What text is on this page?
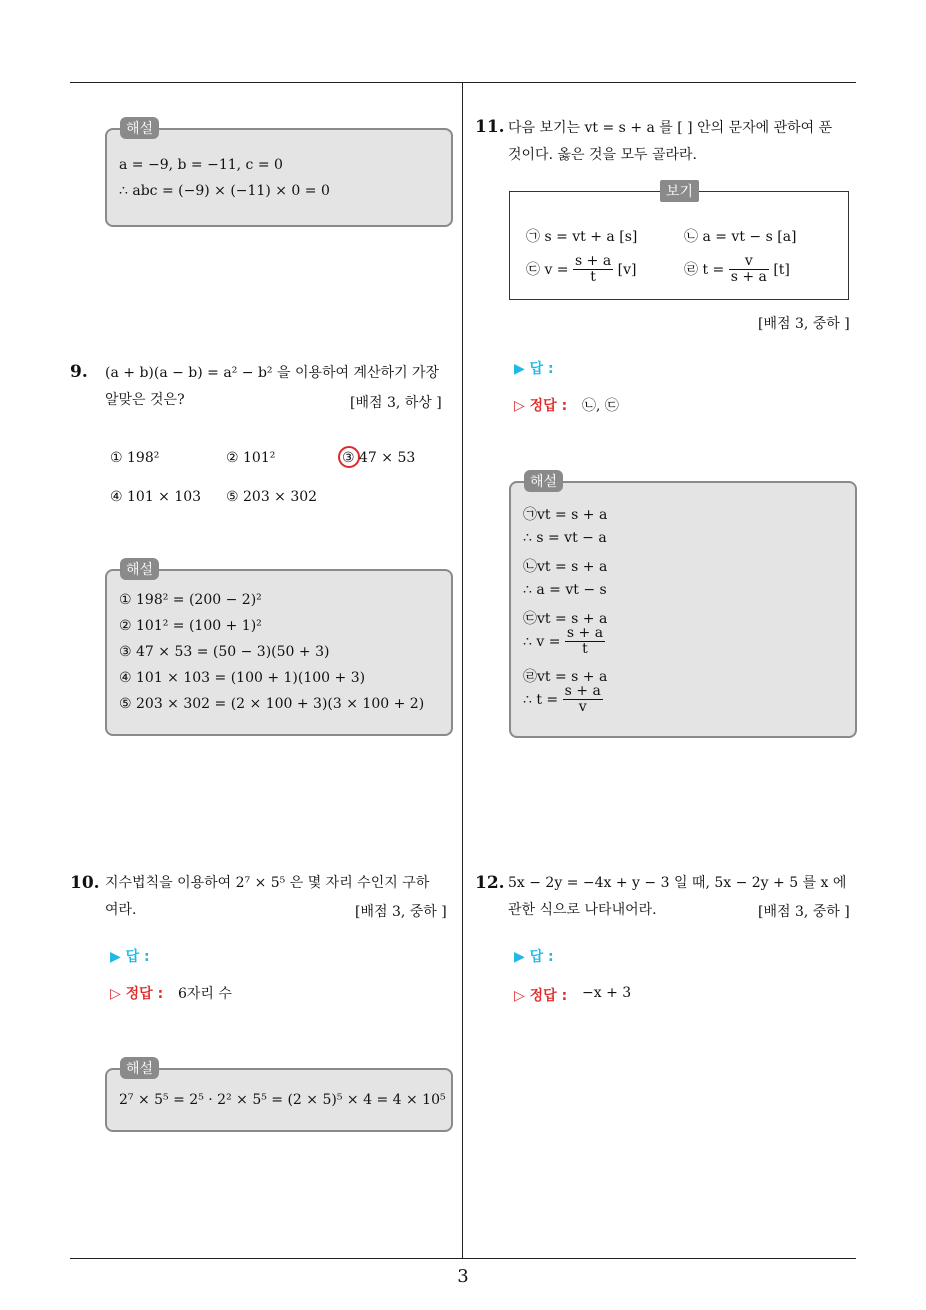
a = −9, b = −11, c = 0
∴ abc = (−9) × (−11) × 0 = 0
해설
9. (a + b)(a − b) = a² − b² 을 이용하여 계산하기 가장
알맞은 것은?	[배점 3, 하상 ]
① 198²	② 101²	③ 47 × 53
④ 101 × 103 ⑤ 203 × 302
① 198² = (200 − 2)²
② 101² = (100 + 1)²
③ 47 × 53 = (50 − 3)(50 + 3)
④ 101 × 103 = (100 + 1)(100 + 3)
⑤ 203 × 302 = (2 × 100 + 3)(3 × 100 + 2)
해설
10. 지수법칙을 이용하여 2⁷ × 5⁵ 은 몇 자리 수인지 구하
여라.	[배점 3, 중하 ]
▶ 답 :
▷ 정답 : 6자리 수
2⁷ × 5⁵ = 2⁵ · 2² × 5⁵ = (2 × 5)⁵ × 4 = 4 × 10⁵
해설
11. 다음 보기는 vt = s + a 를 [ ] 안의 문자에 관하여 푼
것이다. 옳은 것을 모두 골라라.
㉠ s = vt + a [s]	㉡ a = vt − s [a]
㉢ $v = \frac{s + a}{t} [v]$	㉣ $t = \frac{v}{s + a} [t]$
보기
[배점 3, 중하 ]
▶ 답 :
▷ 정답 : ㉡, ㉢
㉠vt = s + a
∴ s = vt − a
㉡vt = s + a
∴ a = vt − s
㉢vt = s + a
∴ $v = \frac{s + a}{t}$
㉣vt = s + a
∴ $t = \frac{s + a}{v}$
해설
12. 5x − 2y = −4x + y − 3 일 때, 5x − 2y + 5 를 x 에
관한 식으로 나타내어라.	[배점 3, 중하 ]
▶ 답 :
▷ 정답 : −x + 3
3
